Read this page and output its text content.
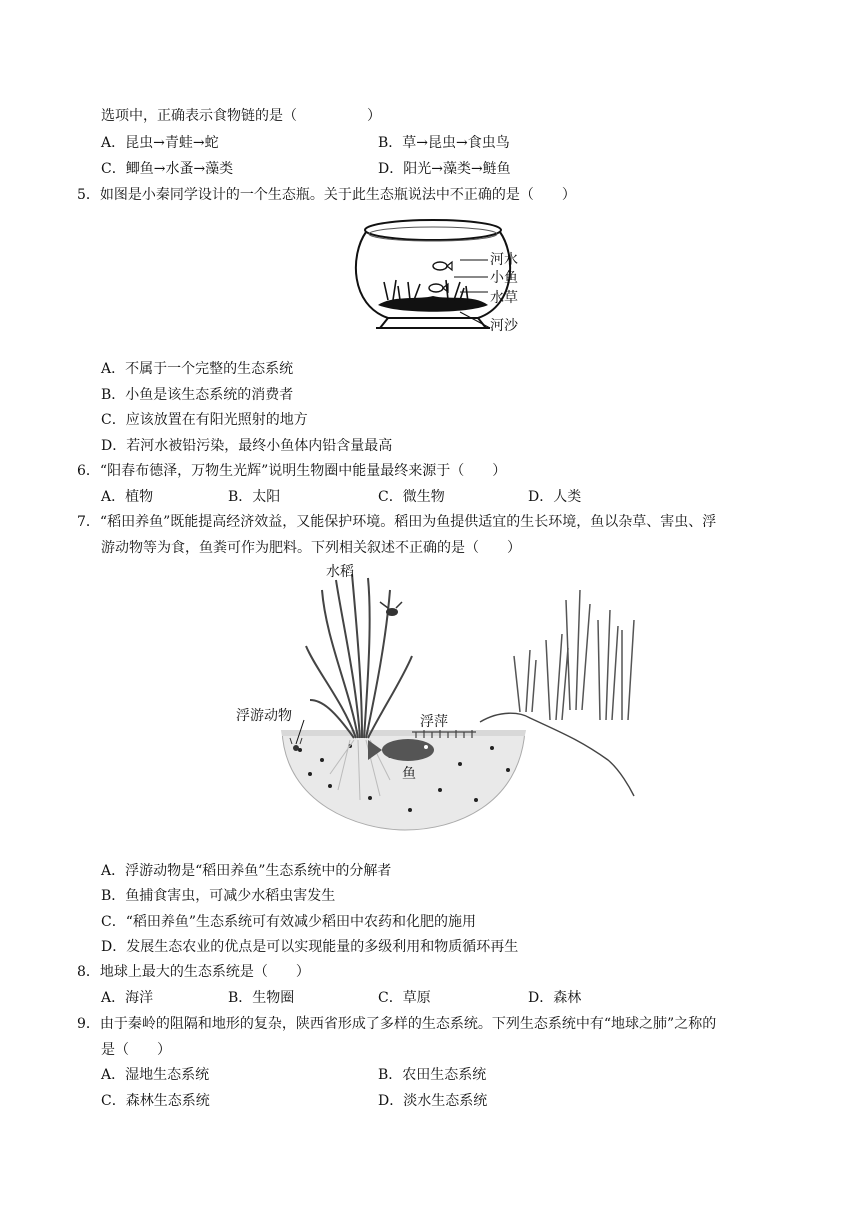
选项中，正确表示食物链的是（　　　　　）
A．昆虫→青蛙→蛇	B．草→昆虫→食虫鸟
C．鲫鱼→水蚤→藻类	D．阳光→藻类→鲢鱼
5．如图是小秦同学设计的一个生态瓶。关于此生态瓶说法中不正确的是（　　）
河水
小鱼
水草
河沙
A．不属于一个完整的生态系统
B．小鱼是该生态系统的消费者
C．应该放置在有阳光照射的地方
D．若河水被铅污染，最终小鱼体内铅含量最高
6．“阳春布德泽，万物生光辉”说明生物圈中能量最终来源于（　　）
A．植物	B．太阳	C．微生物	D．人类
7．“稻田养鱼”既能提高经济效益，又能保护环境。稻田为鱼提供适宜的生长环境，鱼以杂草、害虫、浮
游动物等为食，鱼粪可作为肥料。下列相关叙述不正确的是（　　）
水稻
浮游动物	浮萍
鱼
A．浮游动物是“稻田养鱼”生态系统中的分解者
B．鱼捕食害虫，可减少水稻虫害发生
C．“稻田养鱼”生态系统可有效减少稻田中农药和化肥的施用
D．发展生态农业的优点是可以实现能量的多级利用和物质循环再生
8．地球上最大的生态系统是（　　）
A．海洋	B．生物圈	C．草原	D．森林
9．由于秦岭的阻隔和地形的复杂，陕西省形成了多样的生态系统。下列生态系统中有“地球之肺”之称的
是（　　）
A．湿地生态系统	B．农田生态系统
C．森林生态系统	D．淡水生态系统
